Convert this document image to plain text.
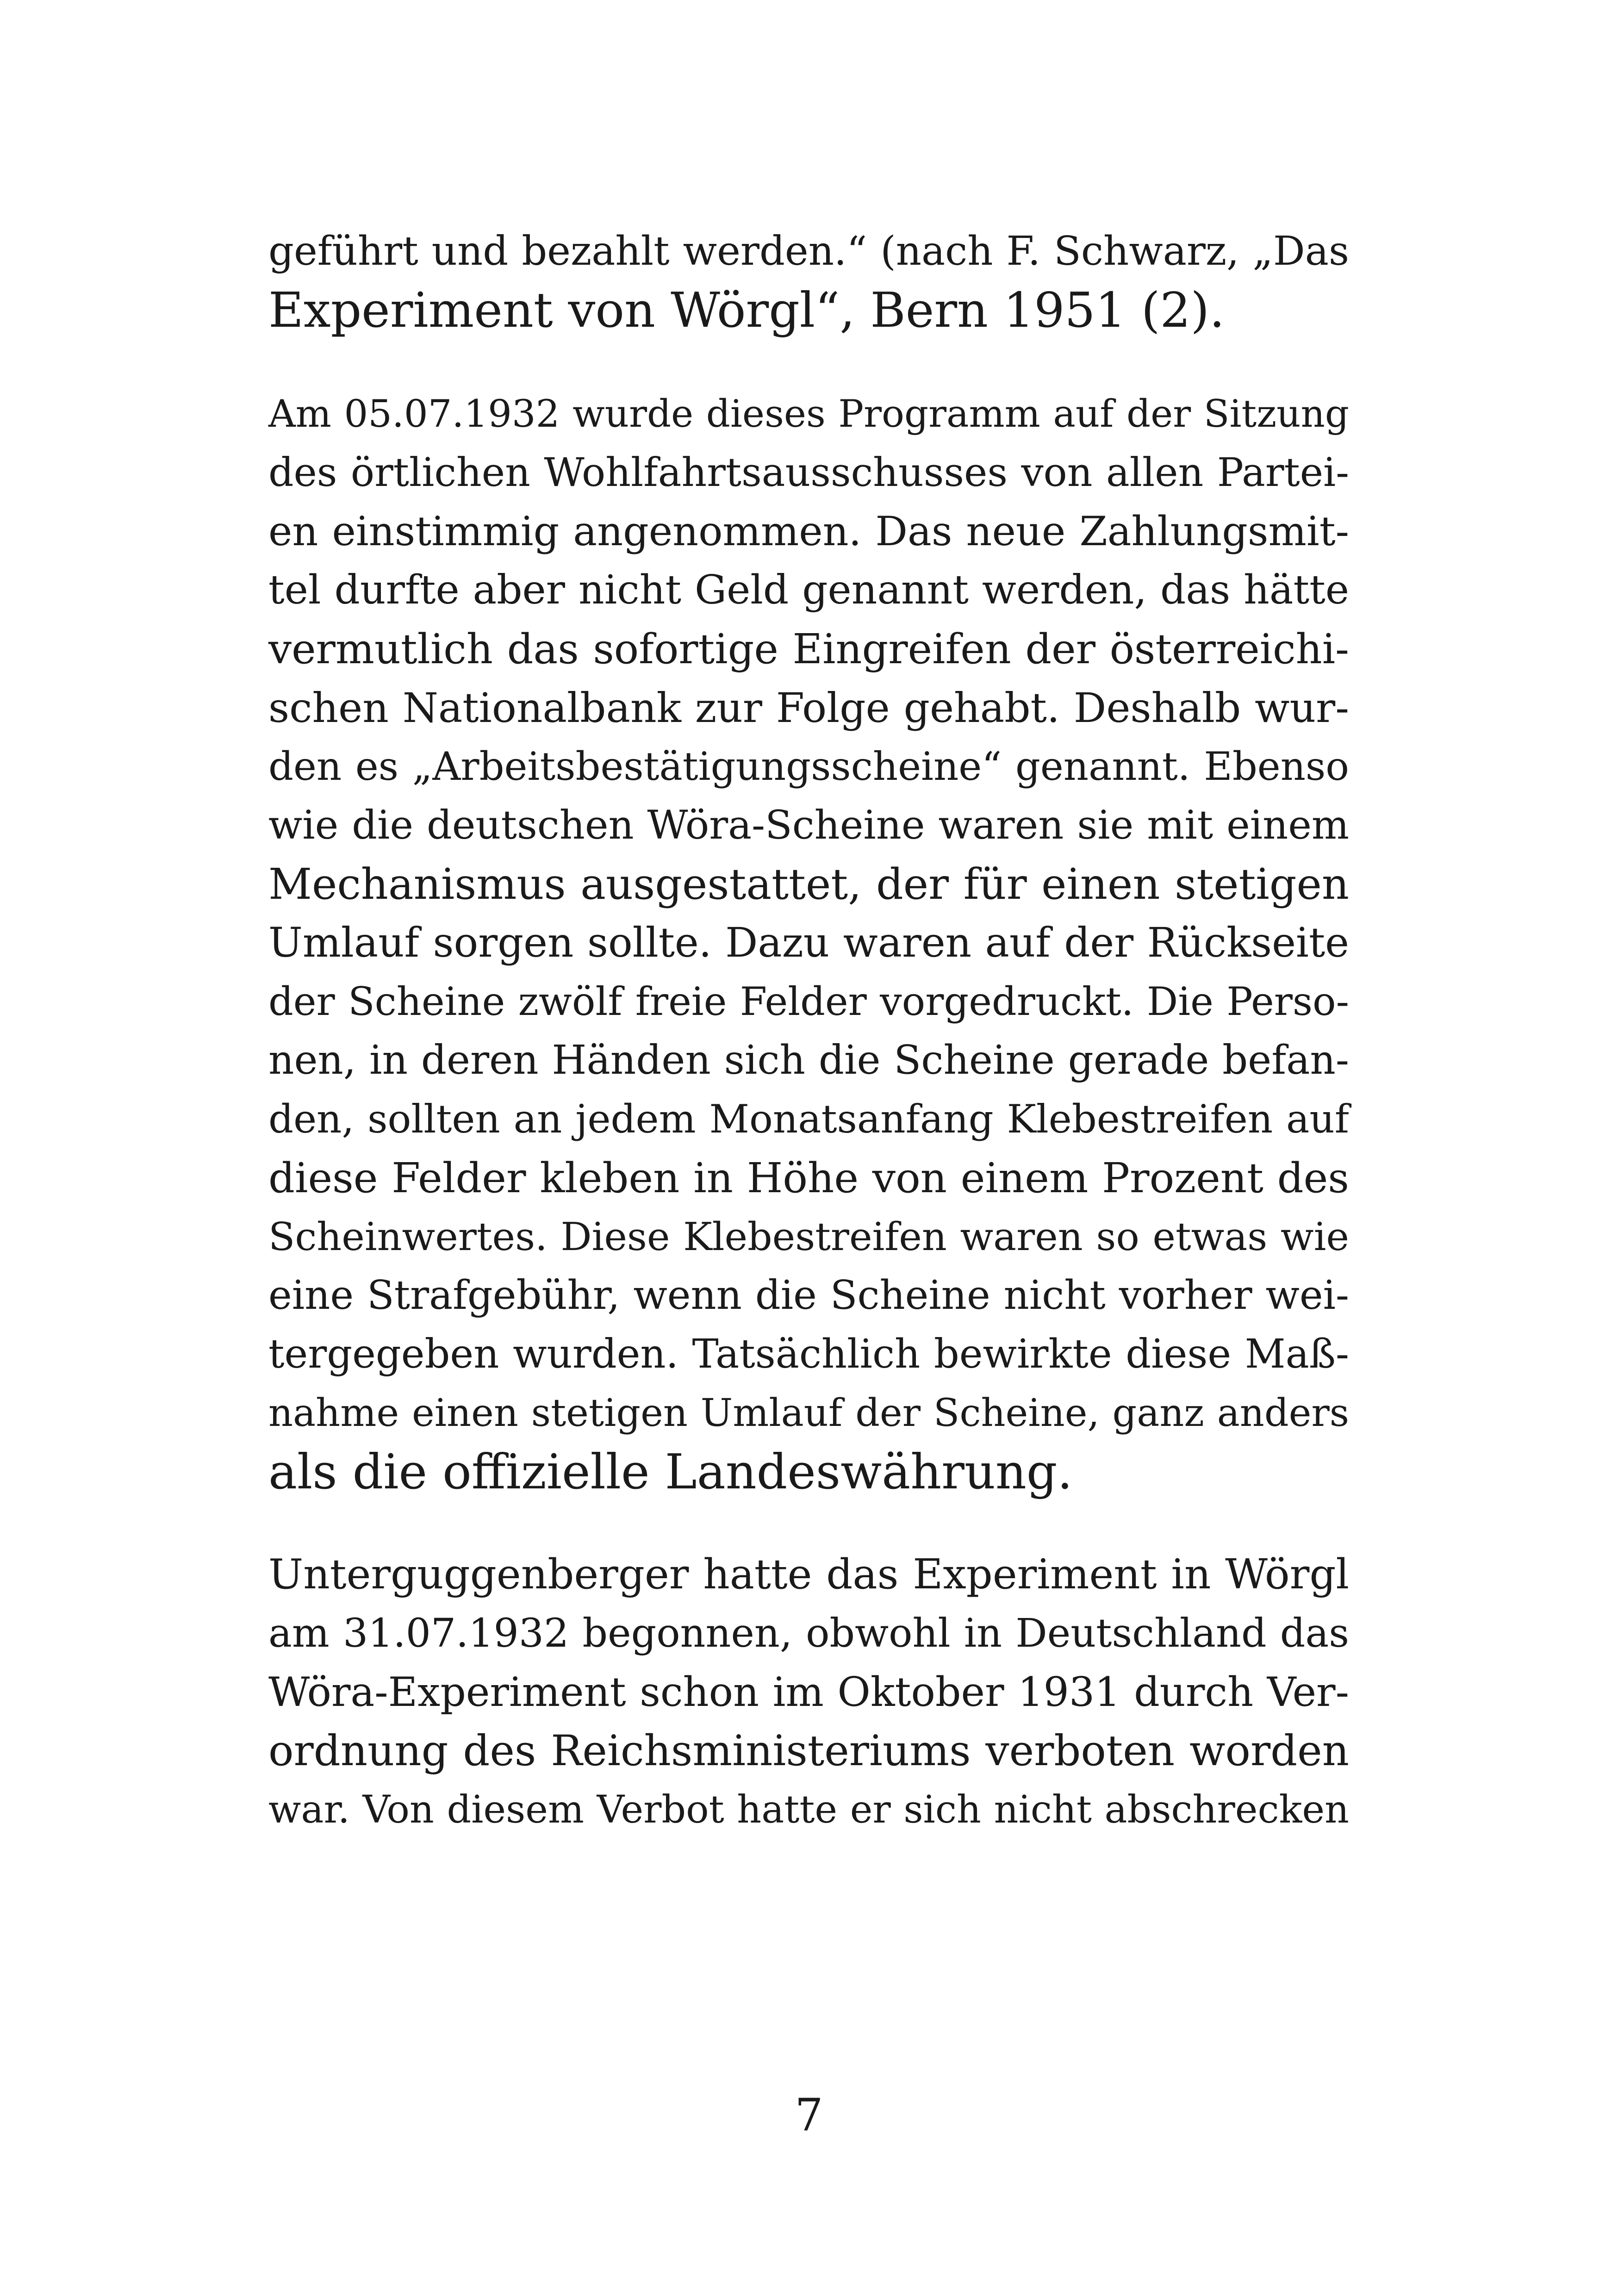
geführt und bezahlt werden.“ (nach F. Schwarz, „Das
Experiment von Wörgl“, Bern 1951 (2).
Am 05.07.1932 wurde dieses Programm auf der Sitzung
des örtlichen Wohlfahrtsausschusses von allen Partei-
en einstimmig angenommen. Das neue Zahlungsmit-
tel durfte aber nicht Geld genannt werden, das hätte
vermutlich das sofortige Eingreifen der österreichi-
schen Nationalbank zur Folge gehabt. Deshalb wur-
den es „Arbeitsbestätigungsscheine“ genannt. Ebenso
wie die deutschen Wöra-Scheine waren sie mit einem
Mechanismus ausgestattet, der für einen stetigen
Umlauf sorgen sollte. Dazu waren auf der Rückseite
der Scheine zwölf freie Felder vorgedruckt. Die Perso-
nen, in deren Händen sich die Scheine gerade befan-
den, sollten an jedem Monatsanfang Klebestreifen auf
diese Felder kleben in Höhe von einem Prozent des
Scheinwertes. Diese Klebestreifen waren so etwas wie
eine Strafgebühr, wenn die Scheine nicht vorher wei-
tergegeben wurden. Tatsächlich bewirkte diese Maß-
nahme einen stetigen Umlauf der Scheine, ganz anders
als die offizielle Landeswährung.
Unterguggenberger hatte das Experiment in Wörgl
am 31.07.1932 begonnen, obwohl in Deutschland das
Wöra-Experiment schon im Oktober 1931 durch Ver-
ordnung des Reichsministeriums verboten worden
war. Von diesem Verbot hatte er sich nicht abschrecken
7
